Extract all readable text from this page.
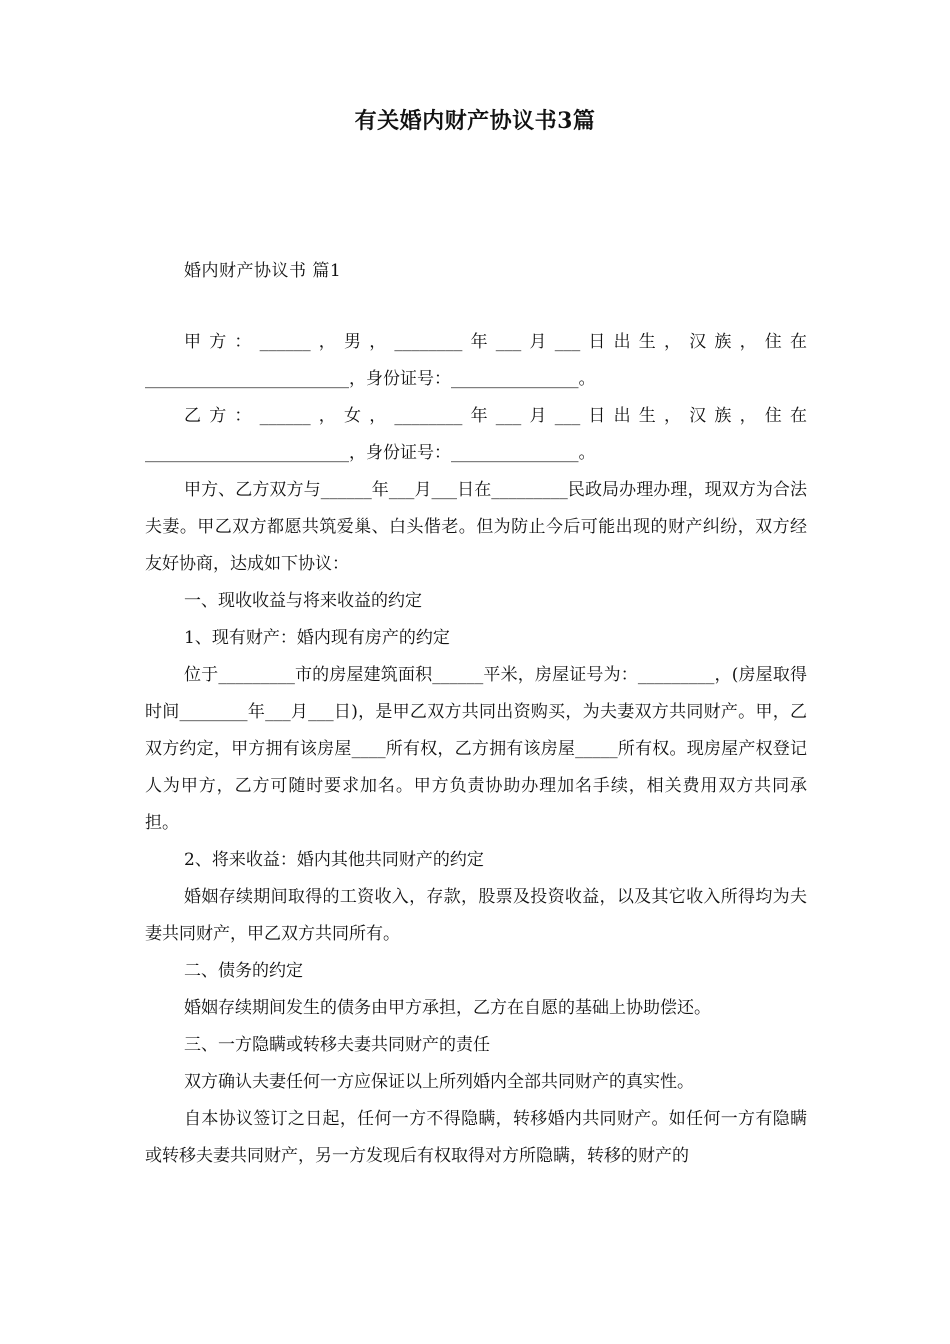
有关婚内财产协议书3篇
婚内财产协议书 篇1

甲方：______，男，________年___月___日出生，汉族，住在

________________________，身份证号：_______________。

乙方：______，女，________年___月___日出生，汉族，住在

________________________，身份证号：_______________。

甲方、乙方双方与______年___月___日在_________民政局办理办理，现双方为合法夫妻。甲乙双方都愿共筑爱巢、白头偕老。但为防止今后可能出现的财产纠纷，双方经友好协商，达成如下协议：

一、现收收益与将来收益的约定

1、现有财产：婚内现有房产的约定

位于_________市的房屋建筑面积______平米，房屋证号为：_________，(房屋取得时间________年___月___日)，是甲乙双方共同出资购买，为夫妻双方共同财产。甲，乙双方约定，甲方拥有该房屋____所有权，乙方拥有该房屋_____所有权。现房屋产权登记人为甲方，乙方可随时要求加名。甲方负责协助办理加名手续，相关费用双方共同承担。

2、将来收益：婚内其他共同财产的约定

婚姻存续期间取得的工资收入，存款，股票及投资收益，以及其它收入所得均为夫妻共同财产，甲乙双方共同所有。

二、债务的约定

婚姻存续期间发生的债务由甲方承担，乙方在自愿的基础上协助偿还。

三、一方隐瞒或转移夫妻共同财产的责任

双方确认夫妻任何一方应保证以上所列婚内全部共同财产的真实性。

自本协议签订之日起，任何一方不得隐瞒，转移婚内共同财产。如任何一方有隐瞒或转移夫妻共同财产，另一方发现后有权取得对方所隐瞒，转移的财产的
